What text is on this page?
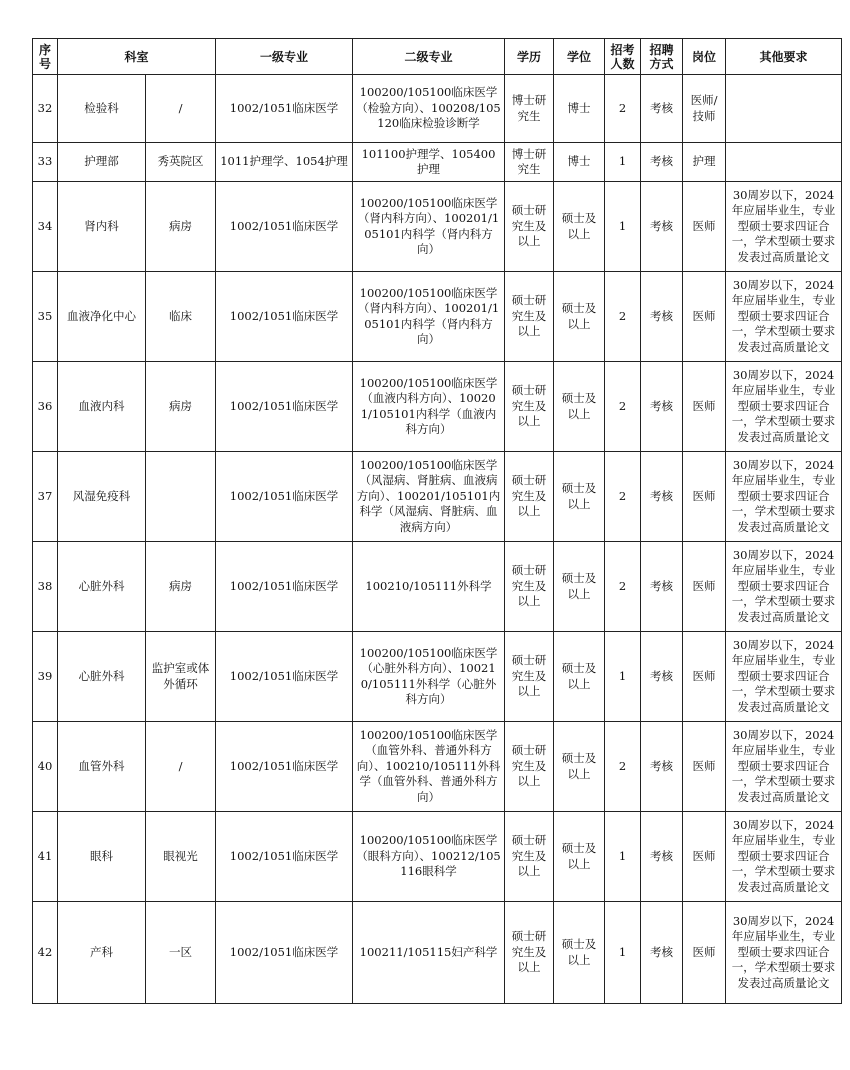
序号	科室		一级专业	二级专业	学历	学位	招考人数	招聘方式	岗位	其他要求
32	检验科	/	1002/1051临床医学	100200/105100临床医学（检验方向）、100208/105120临床检验诊断学	博士研究生	博士	2	考核	医师/技师	
33	护理部	秀英院区	1011护理学、1054护理	101100护理学、105400护理	博士研究生	博士	1	考核	护理	
34	肾内科	病房	1002/1051临床医学	100200/105100临床医学（肾内科方向）、100201/105101内科学（肾内科方向）	硕士研究生及以上	硕士及以上	1	考核	医师	30周岁以下，2024年应届毕业生，专业型硕士要求四证合一，学术型硕士要求发表过高质量论文
35	血液净化中心	临床	1002/1051临床医学	100200/105100临床医学（肾内科方向）、100201/105101内科学（肾内科方向）	硕士研究生及以上	硕士及以上	2	考核	医师	30周岁以下，2024年应届毕业生，专业型硕士要求四证合一，学术型硕士要求发表过高质量论文
36	血液内科	病房	1002/1051临床医学	100200/105100临床医学（血液内科方向）、100201/105101内科学（血液内科方向）	硕士研究生及以上	硕士及以上	2	考核	医师	30周岁以下，2024年应届毕业生，专业型硕士要求四证合一，学术型硕士要求发表过高质量论文
37	风湿免疫科		1002/1051临床医学	100200/105100临床医学（风湿病、肾脏病、血液病方向）、100201/105101内科学（风湿病、肾脏病、血液病方向）	硕士研究生及以上	硕士及以上	2	考核	医师	30周岁以下，2024年应届毕业生，专业型硕士要求四证合一，学术型硕士要求发表过高质量论文
38	心脏外科	病房	1002/1051临床医学	100210/105111外科学	硕士研究生及以上	硕士及以上	2	考核	医师	30周岁以下，2024年应届毕业生，专业型硕士要求四证合一，学术型硕士要求发表过高质量论文
39	心脏外科	监护室或体外循环	1002/1051临床医学	100200/105100临床医学（心脏外科方向）、100210/105111外科学（心脏外科方向）	硕士研究生及以上	硕士及以上	1	考核	医师	30周岁以下，2024年应届毕业生，专业型硕士要求四证合一，学术型硕士要求发表过高质量论文
40	血管外科	/	1002/1051临床医学	100200/105100临床医学（血管外科、普通外科方向）、100210/105111外科学（血管外科、普通外科方向）	硕士研究生及以上	硕士及以上	2	考核	医师	30周岁以下，2024年应届毕业生，专业型硕士要求四证合一，学术型硕士要求发表过高质量论文
41	眼科	眼视光	1002/1051临床医学	100200/105100临床医学（眼科方向）、100212/105116眼科学	硕士研究生及以上	硕士及以上	1	考核	医师	30周岁以下，2024年应届毕业生，专业型硕士要求四证合一，学术型硕士要求发表过高质量论文
42	产科	一区	1002/1051临床医学	100211/105115妇产科学	硕士研究生及以上	硕士及以上	1	考核	医师	30周岁以下，2024年应届毕业生，专业型硕士要求四证合一，学术型硕士要求发表过高质量论文
